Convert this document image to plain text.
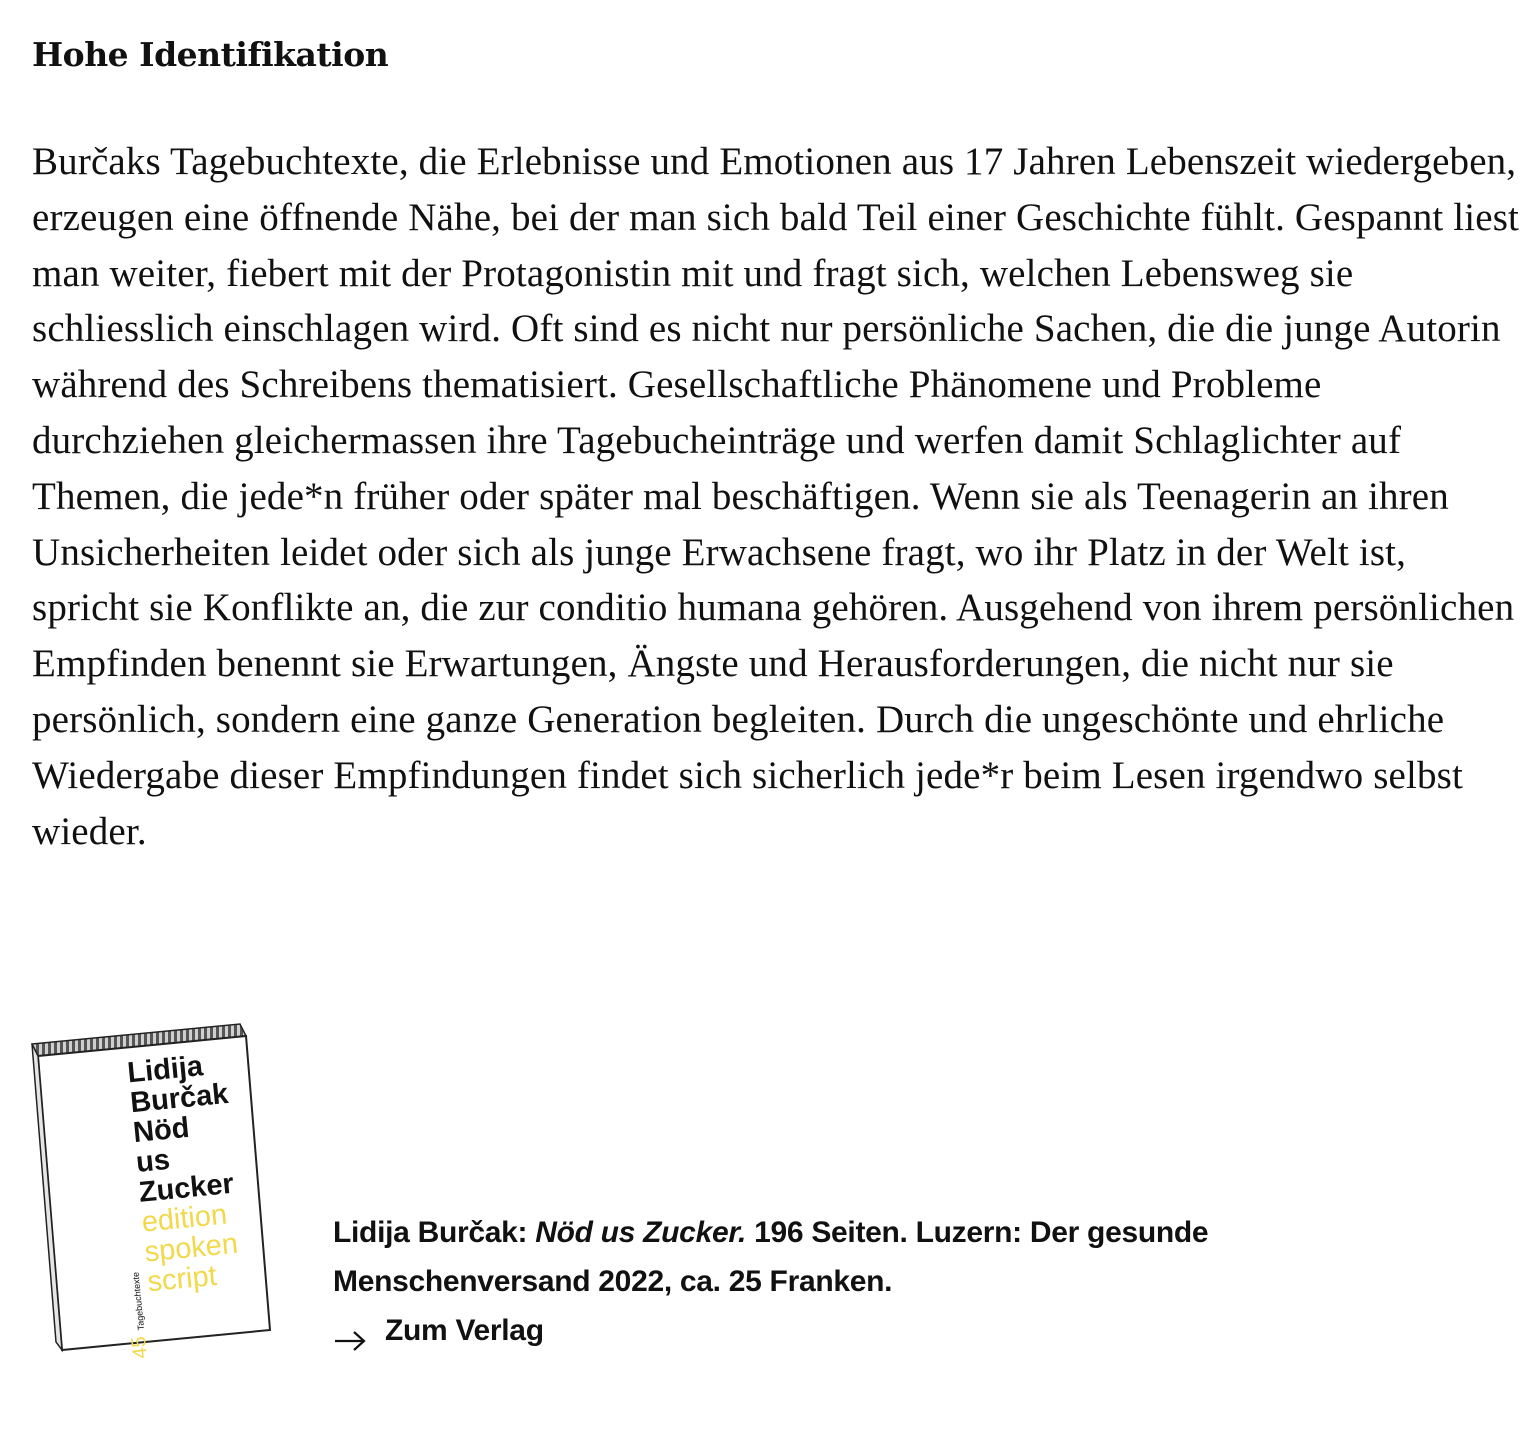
Hohe Identifikation

Burčaks Tagebuchtexte, die Erlebnisse und Emotionen aus 17 Jahren Lebenszeit wiedergeben, erzeugen eine öffnende Nähe, bei der man sich bald Teil einer Geschichte fühlt. Gespannt liest man weiter, fiebert mit der Protagonistin mit und fragt sich, welchen Lebensweg sie schliesslich einschlagen wird. Oft sind es nicht nur persönliche Sachen, die die junge Autorin während des Schreibens thematisiert. Gesellschaftliche Phänomene und Probleme durchziehen gleichermassen ihre Tagebucheinträge und werfen damit Schlaglichter auf Themen, die jede*n früher oder später mal beschäftigen. Wenn sie als Teenagerin an ihren Unsicherheiten leidet oder sich als junge Erwachsene fragt, wo ihr Platz in der Welt ist, spricht sie Konflikte an, die zur conditio humana gehören. Ausgehend von ihrem persönlichen Empfinden benennt sie Erwartungen, Ängste und Herausforderungen, die nicht nur sie persönlich, sondern eine ganze Generation begleiten. Durch die ungeschönte und ehrliche Wiedergabe dieser Empfindungen findet sich sicherlich jede*r beim Lesen irgendwo selbst wieder.

Lidija
Burčak
Nöd
us
Zucker
edition
spoken
script
45
Tagebuchtexte
Lidija Burčak: Nöd us Zucker. 196 Seiten. Luzern: Der gesunde Menschenversand 2022, ca. 25 Franken.
Zum Verlag
